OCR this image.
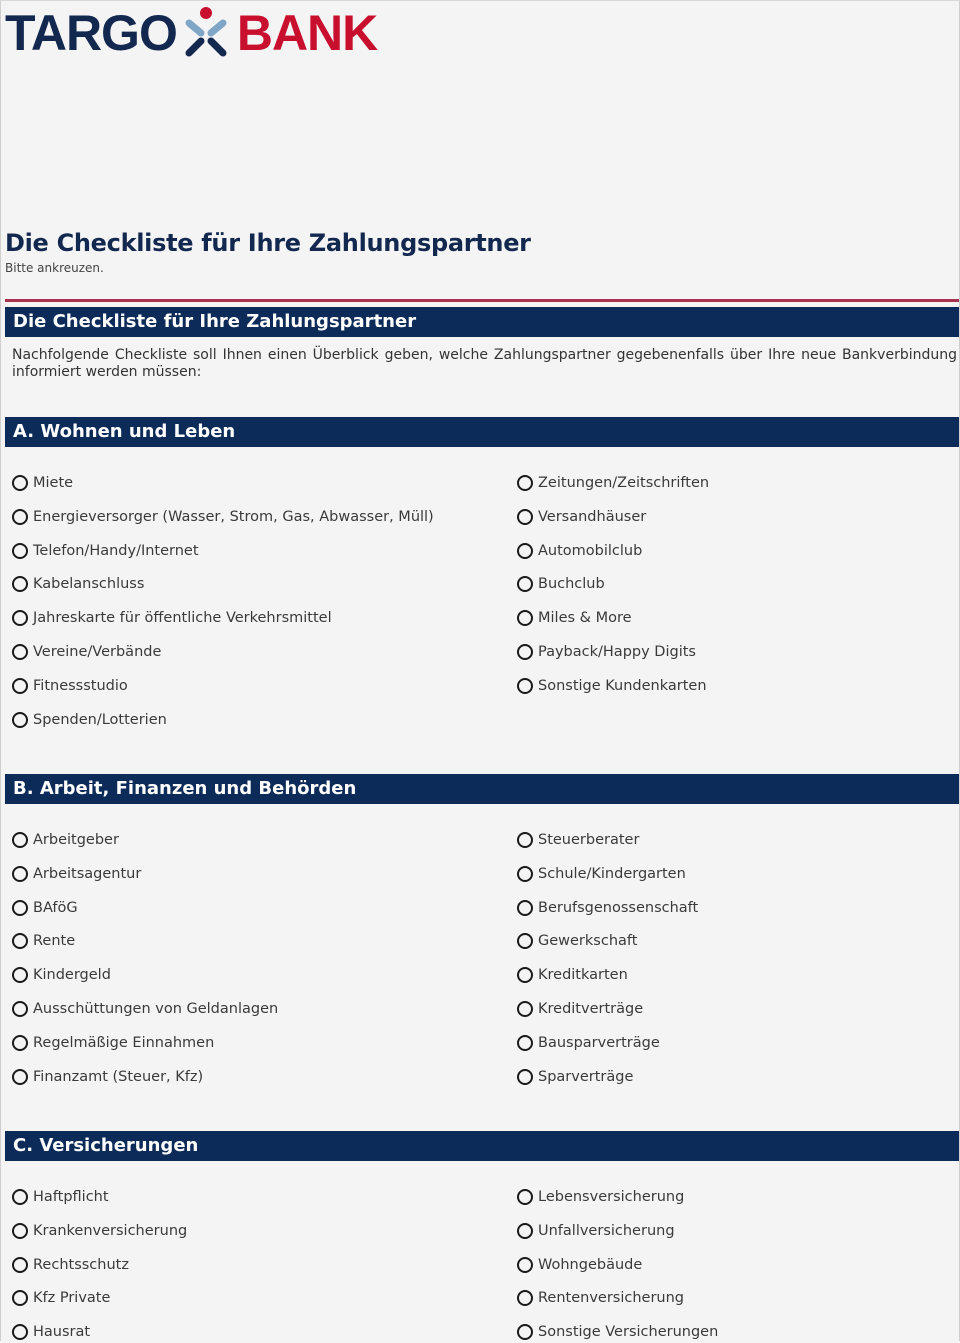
TARGO BANK
Die Checkliste für Ihre Zahlungspartner
Bitte ankreuzen.
Die Checkliste für Ihre Zahlungspartner
Nachfolgende Checkliste soll Ihnen einen Überblick geben, welche Zahlungspartner gegebenenfalls über Ihre neue Bankverbindung informiert werden müssen:
A. Wohnen und Leben
Miete
Energieversorger (Wasser, Strom, Gas, Abwasser, Müll)
Telefon/Handy/Internet
Kabelanschluss
Jahreskarte für öffentliche Verkehrsmittel
Vereine/Verbände
Fitnessstudio
Spenden/Lotterien
Zeitungen/Zeitschriften
Versandhäuser
Automobilclub
Buchclub
Miles & More
Payback/Happy Digits
Sonstige Kundenkarten
B. Arbeit, Finanzen und Behörden
Arbeitgeber
Arbeitsagentur
BAföG
Rente
Kindergeld
Ausschüttungen von Geldanlagen
Regelmäßige Einnahmen
Finanzamt (Steuer, Kfz)
Steuerberater
Schule/Kindergarten
Berufsgenossenschaft
Gewerkschaft
Kreditkarten
Kreditverträge
Bausparverträge
Sparverträge
C. Versicherungen
Haftpflicht
Krankenversicherung
Rechtsschutz
Kfz Private
Hausrat
Lebensversicherung
Unfallversicherung
Wohngebäude
Rentenversicherung
Sonstige Versicherungen
